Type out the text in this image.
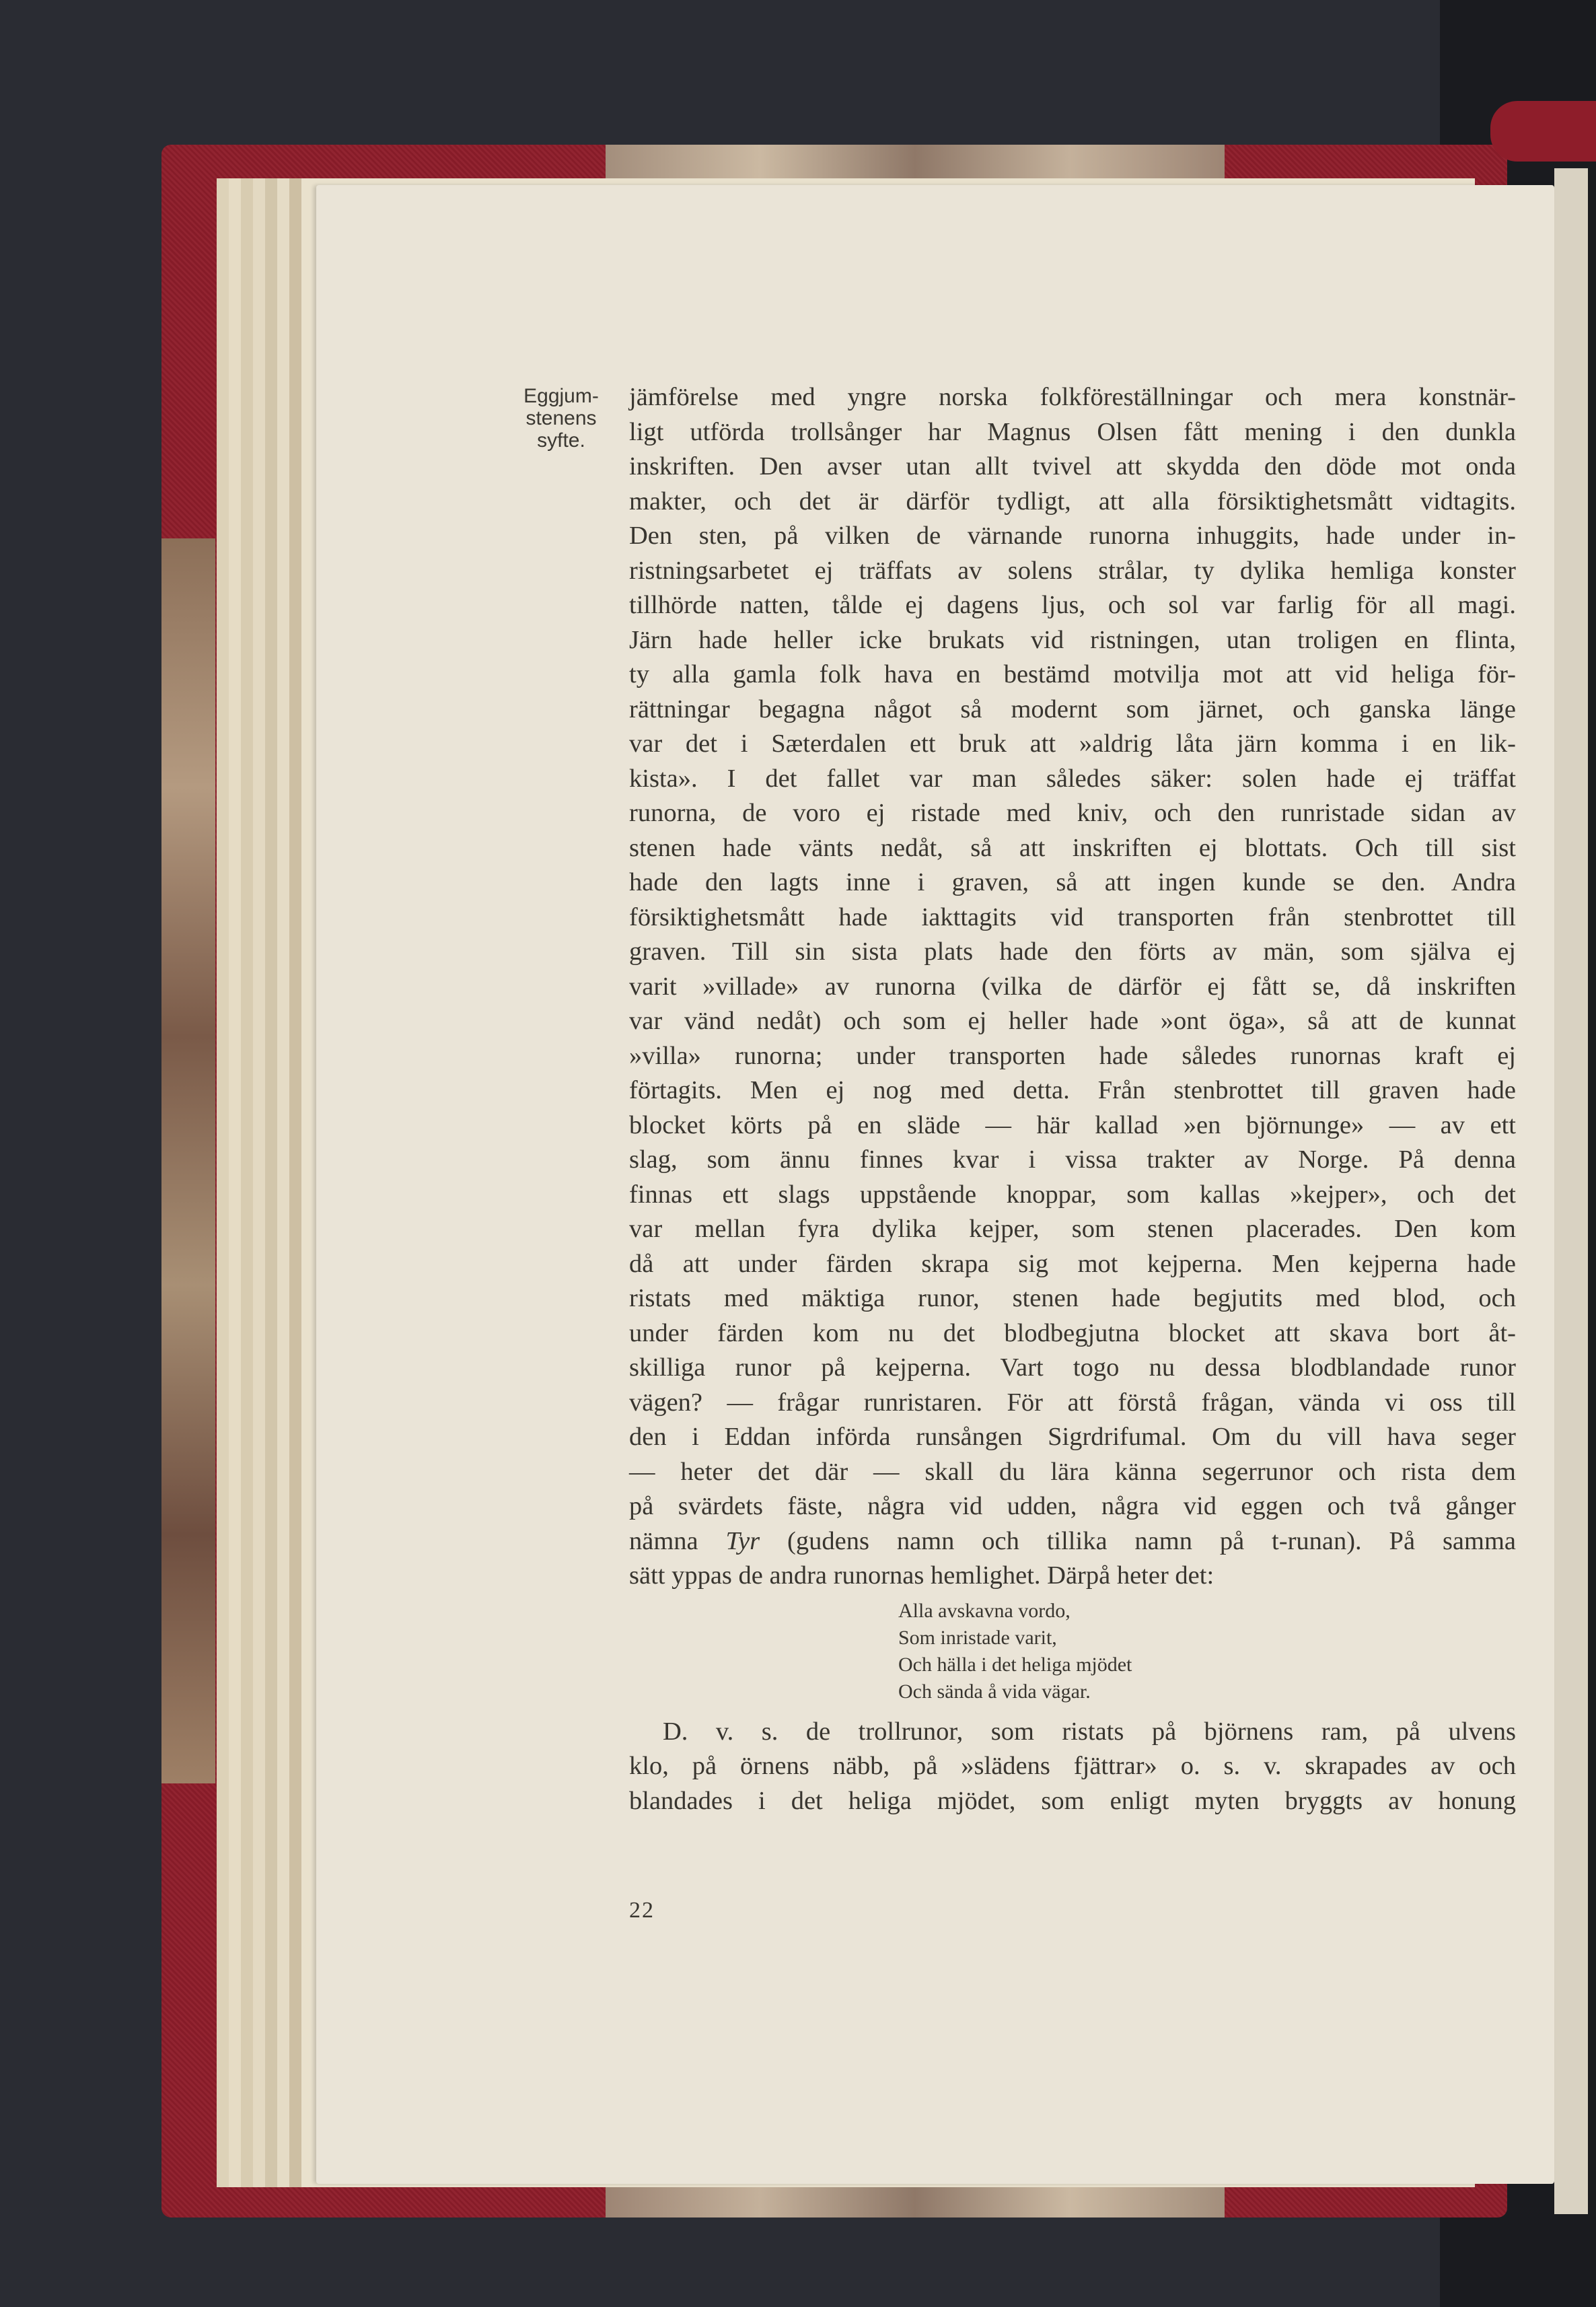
Eggjum-
stenens
syfte.
jämförelse med yngre norska folkföreställningar och mera konstnär-
ligt utförda trollsånger har Magnus Olsen fått mening i den dunkla
inskriften. Den avser utan allt tvivel att skydda den döde mot onda
makter, och det är därför tydligt, att alla försiktighetsmått vidtagits.
Den sten, på vilken de värnande runorna inhuggits, hade under in-
ristningsarbetet ej träffats av solens strålar, ty dylika hemliga konster
tillhörde natten, tålde ej dagens ljus, och sol var farlig för all magi.
Järn hade heller icke brukats vid ristningen, utan troligen en flinta,
ty alla gamla folk hava en bestämd motvilja mot att vid heliga för-
rättningar begagna något så modernt som järnet, och ganska länge
var det i Sæterdalen ett bruk att »aldrig låta järn komma i en lik-
kista». I det fallet var man således säker: solen hade ej träffat
runorna, de voro ej ristade med kniv, och den runristade sidan av
stenen hade vänts nedåt, så att inskriften ej blottats. Och till sist
hade den lagts inne i graven, så att ingen kunde se den. Andra
försiktighetsmått hade iakttagits vid transporten från stenbrottet till
graven. Till sin sista plats hade den förts av män, som själva ej
varit »villade» av runorna (vilka de därför ej fått se, då inskriften
var vänd nedåt) och som ej heller hade »ont öga», så att de kunnat
»villa» runorna; under transporten hade således runornas kraft ej
förtagits. Men ej nog med detta. Från stenbrottet till graven hade
blocket körts på en släde — här kallad »en björnunge» — av ett
slag, som ännu finnes kvar i vissa trakter av Norge. På denna
finnas ett slags uppstående knoppar, som kallas »kejper», och det
var mellan fyra dylika kejper, som stenen placerades. Den kom
då att under färden skrapa sig mot kejperna. Men kejperna hade
ristats med mäktiga runor, stenen hade begjutits med blod, och
under färden kom nu det blodbegjutna blocket att skava bort åt-
skilliga runor på kejperna. Vart togo nu dessa blodblandade runor
vägen? — frågar runristaren. För att förstå frågan, vända vi oss till
den i Eddan införda runsången Sigrdrifumal. Om du vill hava seger
— heter det där — skall du lära känna segerrunor och rista dem
på svärdets fäste, några vid udden, några vid eggen och två gånger
nämna Tyr (gudens namn och tillika namn på t-runan). På samma
sätt yppas de andra runornas hemlighet. Därpå heter det:
Alla avskavna vordo,
Som inristade varit,
Och hälla i det heliga mjödet
Och sända å vida vägar.
D. v. s. de trollrunor, som ristats på björnens ram, på ulvens
klo, på örnens näbb, på »slädens fjättrar» o. s. v. skrapades av och
blandades i det heliga mjödet, som enligt myten bryggts av honung
22
